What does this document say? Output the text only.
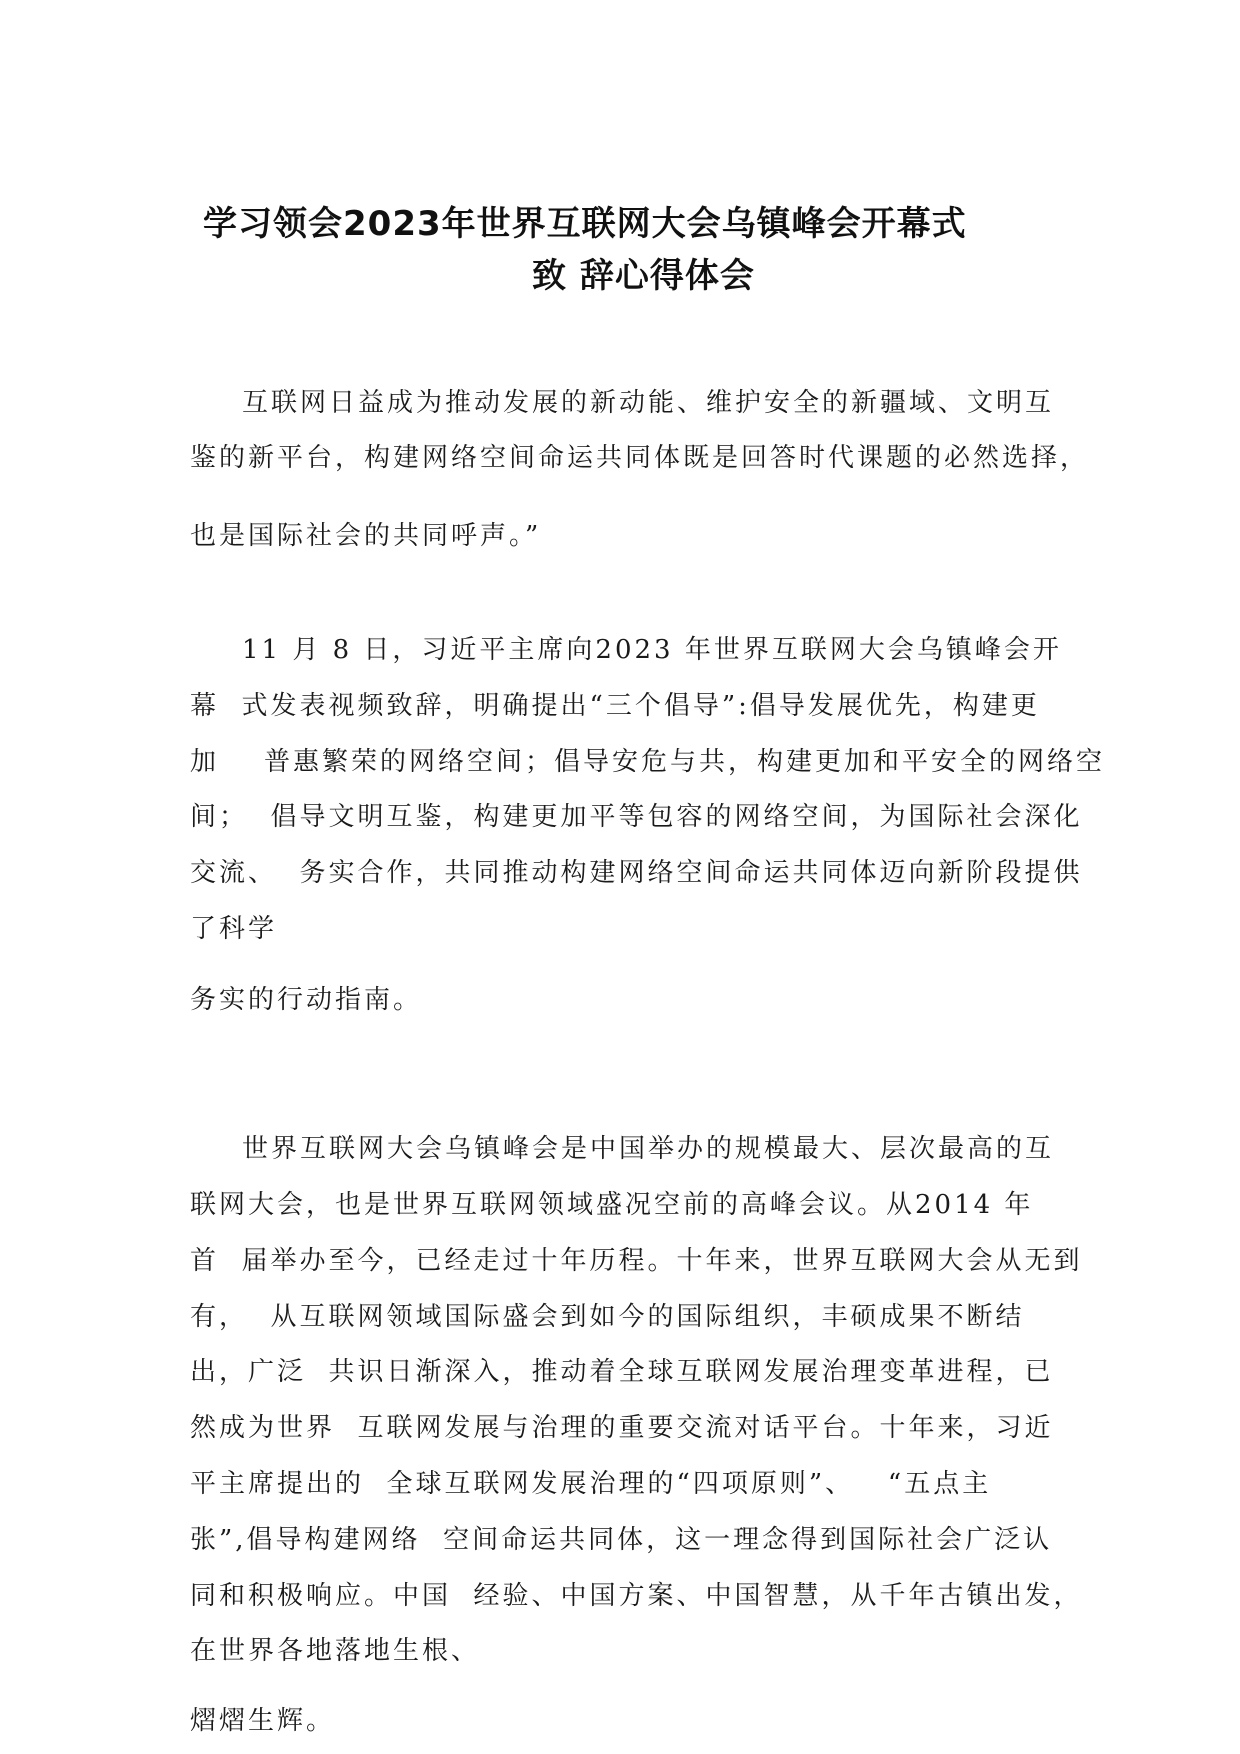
学习领会2023年世界互联网大会乌镇峰会开幕式
致 辞心得体会
互联网日益成为推动发展的新动能、维护安全的新疆域、文明互
鉴的新平台，构建网络空间命运共同体既是回答时代课题的必然选择，
也是国际社会的共同呼声。”
11 月 8 日，习近平主席向2023 年世界互联网大会乌镇峰会开
幕  式发表视频致辞，明确提出“三个倡导”:倡导发展优先，构建更
加    普惠繁荣的网络空间；倡导安危与共，构建更加和平安全的网络空
间；  倡导文明互鉴，构建更加平等包容的网络空间，为国际社会深化
交流、  务实合作，共同推动构建网络空间命运共同体迈向新阶段提供
了科学
务实的行动指南。
世界互联网大会乌镇峰会是中国举办的规模最大、层次最高的互
联网大会，也是世界互联网领域盛况空前的高峰会议。从2014 年
首  届举办至今，已经走过十年历程。十年来，世界互联网大会从无到
有，  从互联网领域国际盛会到如今的国际组织，丰硕成果不断结
出，广泛  共识日渐深入，推动着全球互联网发展治理变革进程，已
然成为世界  互联网发展与治理的重要交流对话平台。十年来，习近
平主席提出的  全球互联网发展治理的“四项原则”、   “五点主
张”,倡导构建网络  空间命运共同体，这一理念得到国际社会广泛认
同和积极响应。中国  经验、中国方案、中国智慧，从千年古镇出发，
在世界各地落地生根、
熠熠生辉。
